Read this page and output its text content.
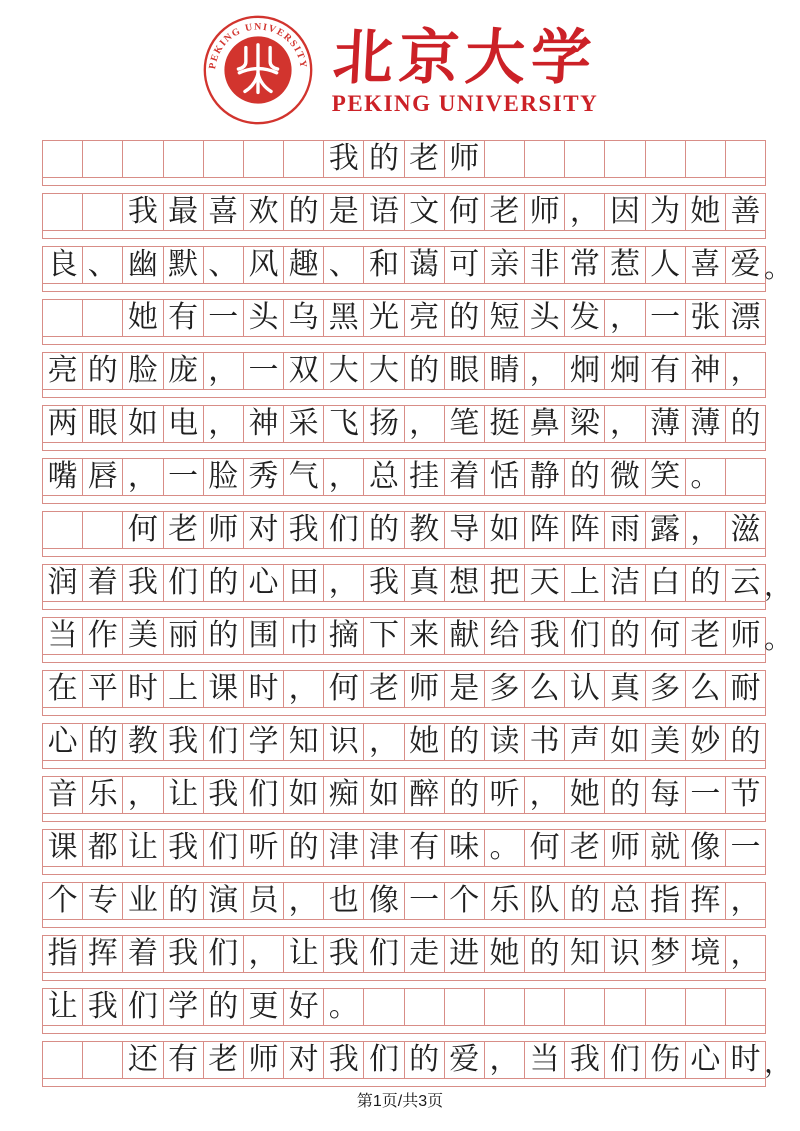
PEKING UNIVERSITY 北京大学
PEKING UNIVERSITY
我 的 老 师
我 最 喜 欢 的 是 语 文 何 老 师 ， 因 为 她 善
良 、 幽 默 、 风 趣 、 和 蔼 可 亲 非 常 惹 人 喜 爱 。
她 有 一 头 乌 黑 光 亮 的 短 头 发 ， 一 张 漂
亮 的 脸 庞 ， 一 双 大 大 的 眼 睛 ， 炯 炯 有 神 ，
两 眼 如 电 ， 神 采 飞 扬 ， 笔 挺 鼻 梁 ， 薄 薄 的
嘴 唇 ， 一 脸 秀 气 ， 总 挂 着 恬 静 的 微 笑 。
何 老 师 对 我 们 的 教 导 如 阵 阵 雨 露 ， 滋
润 着 我 们 的 心 田 ， 我 真 想 把 天 上 洁 白 的 云 ，
当 作 美 丽 的 围 巾 摘 下 来 献 给 我 们 的 何 老 师 。
在 平 时 上 课 时 ， 何 老 师 是 多 么 认 真 多 么 耐
心 的 教 我 们 学 知 识 ， 她 的 读 书 声 如 美 妙 的
音 乐 ， 让 我 们 如 痴 如 醉 的 听 ， 她 的 每 一 节
课 都 让 我 们 听 的 津 津 有 味 。 何 老 师 就 像 一
个 专 业 的 演 员 ， 也 像 一 个 乐 队 的 总 指 挥 ，
指 挥 着 我 们 ， 让 我 们 走 进 她 的 知 识 梦 境 ，
让 我 们 学 的 更 好 。
还 有 老 师 对 我 们 的 爱 ， 当 我 们 伤 心 时 ，
第1页/共3页
